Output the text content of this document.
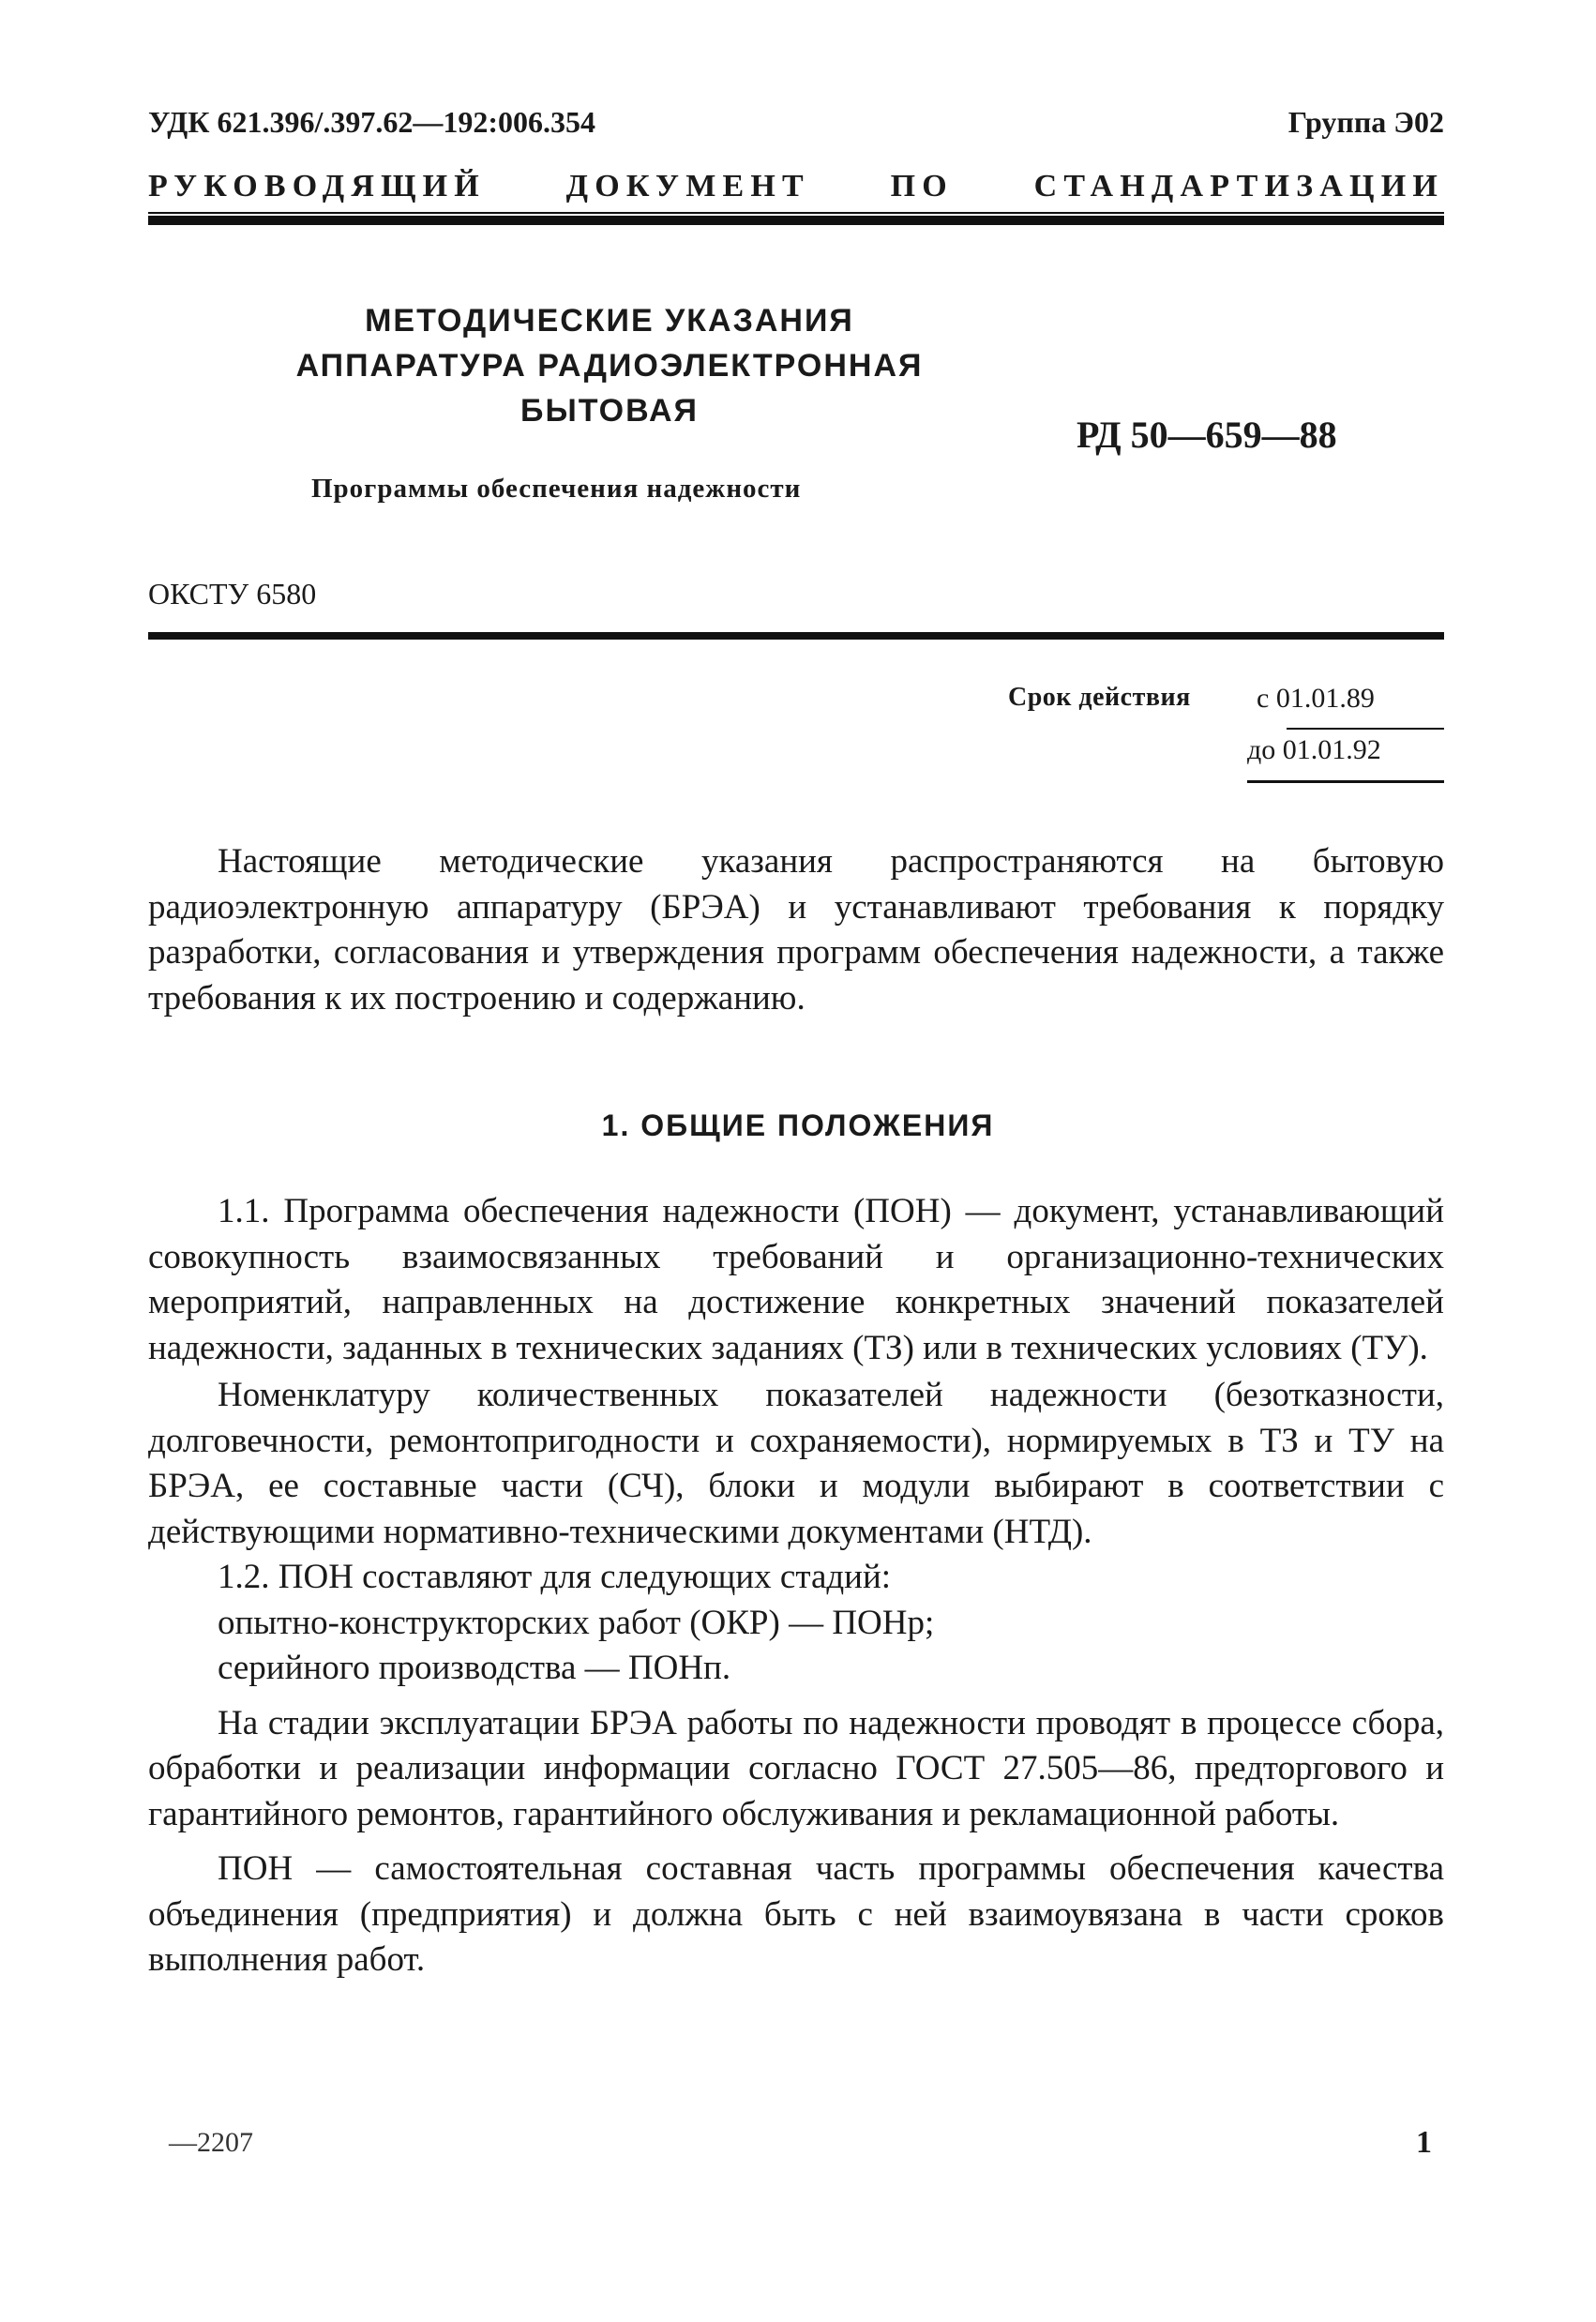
УДК 621.396/.397.62—192:006.354	Группа Э02
РУКОВОДЯЩИЙ ДОКУМЕНТ ПО СТАНДАРТИЗАЦИИ
МЕТОДИЧЕСКИЕ УКАЗАНИЯ
АППАРАТУРА РАДИОЭЛЕКТРОННАЯ
БЫТОВАЯ
РД 50—659—88
Программы обеспечения надежности
ОКСТУ 6580
Срок действия с 01.01.89
до 01.01.92

Настоящие методические указания распространяются на бытовую радиоэлектронную аппаратуру (БРЭА) и устанавливают требования к порядку разработки, согласования и утверждения программ обеспечения надежности, а также требования к их построению и содержанию.

1. ОБЩИЕ ПОЛОЖЕНИЯ

1.1. Программа обеспечения надежности (ПОН) — документ, устанавливающий совокупность взаимосвязанных требований и организационно-технических мероприятий, направленных на достижение конкретных значений показателей надежности, заданных в технических заданиях (ТЗ) или в технических условиях (ТУ).

Номенклатуру количественных показателей надежности (безотказности, долговечности, ремонтопригодности и сохраняемости), нормируемых в ТЗ и ТУ на БРЭА, ее составные части (СЧ), блоки и модули выбирают в соответствии с действующими нормативно-техническими документами (НТД).

1.2. ПОН составляют для следующих стадий:

опытно-конструкторских работ (ОКР) — ПОНр;

серийного производства — ПОНп.

На стадии эксплуатации БРЭА работы по надежности проводят в процессе сбора, обработки и реализации информации согласно ГОСТ 27.505—86, предторгового и гарантийного ремонтов, гарантийного обслуживания и рекламационной работы.

ПОН — самостоятельная составная часть программы обеспечения качества объединения (предприятия) и должна быть с ней взаимоувязана в части сроков выполнения работ.

—2207	1
